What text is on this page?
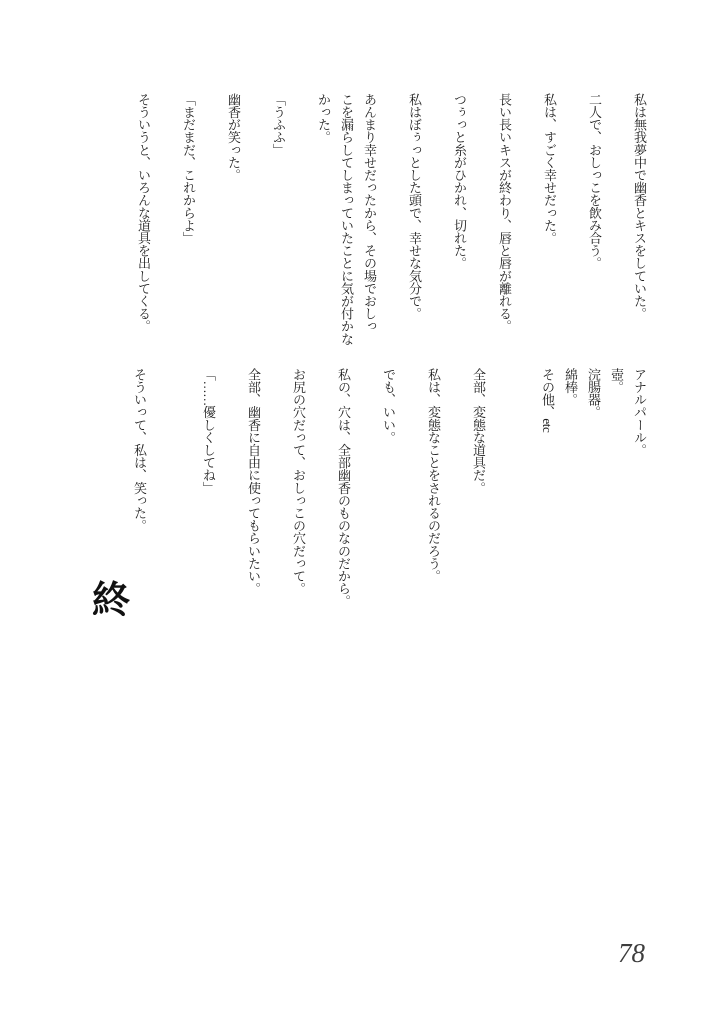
私は無我夢中で幽香とキスをしていた。

二人で、おしっこを飲み合う。

私は、すごく幸せだった。

長い長いキスが終わり、唇と唇が離れる。

つぅっと糸がひかれ、切れた。

私はぼぅっとした頭で、幸せな気分で。

あんまり幸せだったから、その場でおしっ

こを漏らしてしまっていたことに気が付かな

かった。

「うふふ」

幽香が笑った。

「まだまだ、これからよ」

そういうと、いろんな道具を出してくる。

アナルパール。

壺。

浣腸器。

綿棒。

その他、etc

全部、変態な道具だ。

私は、変態なことをされるのだろう。

でも、いい。

私の、穴は、全部幽香のものなのだから。

お尻の穴だって、おしっこの穴だって。

全部、幽香に自由に使ってもらいたい。

「……優しくしてね」

そういって、私は、笑った。

終
78
